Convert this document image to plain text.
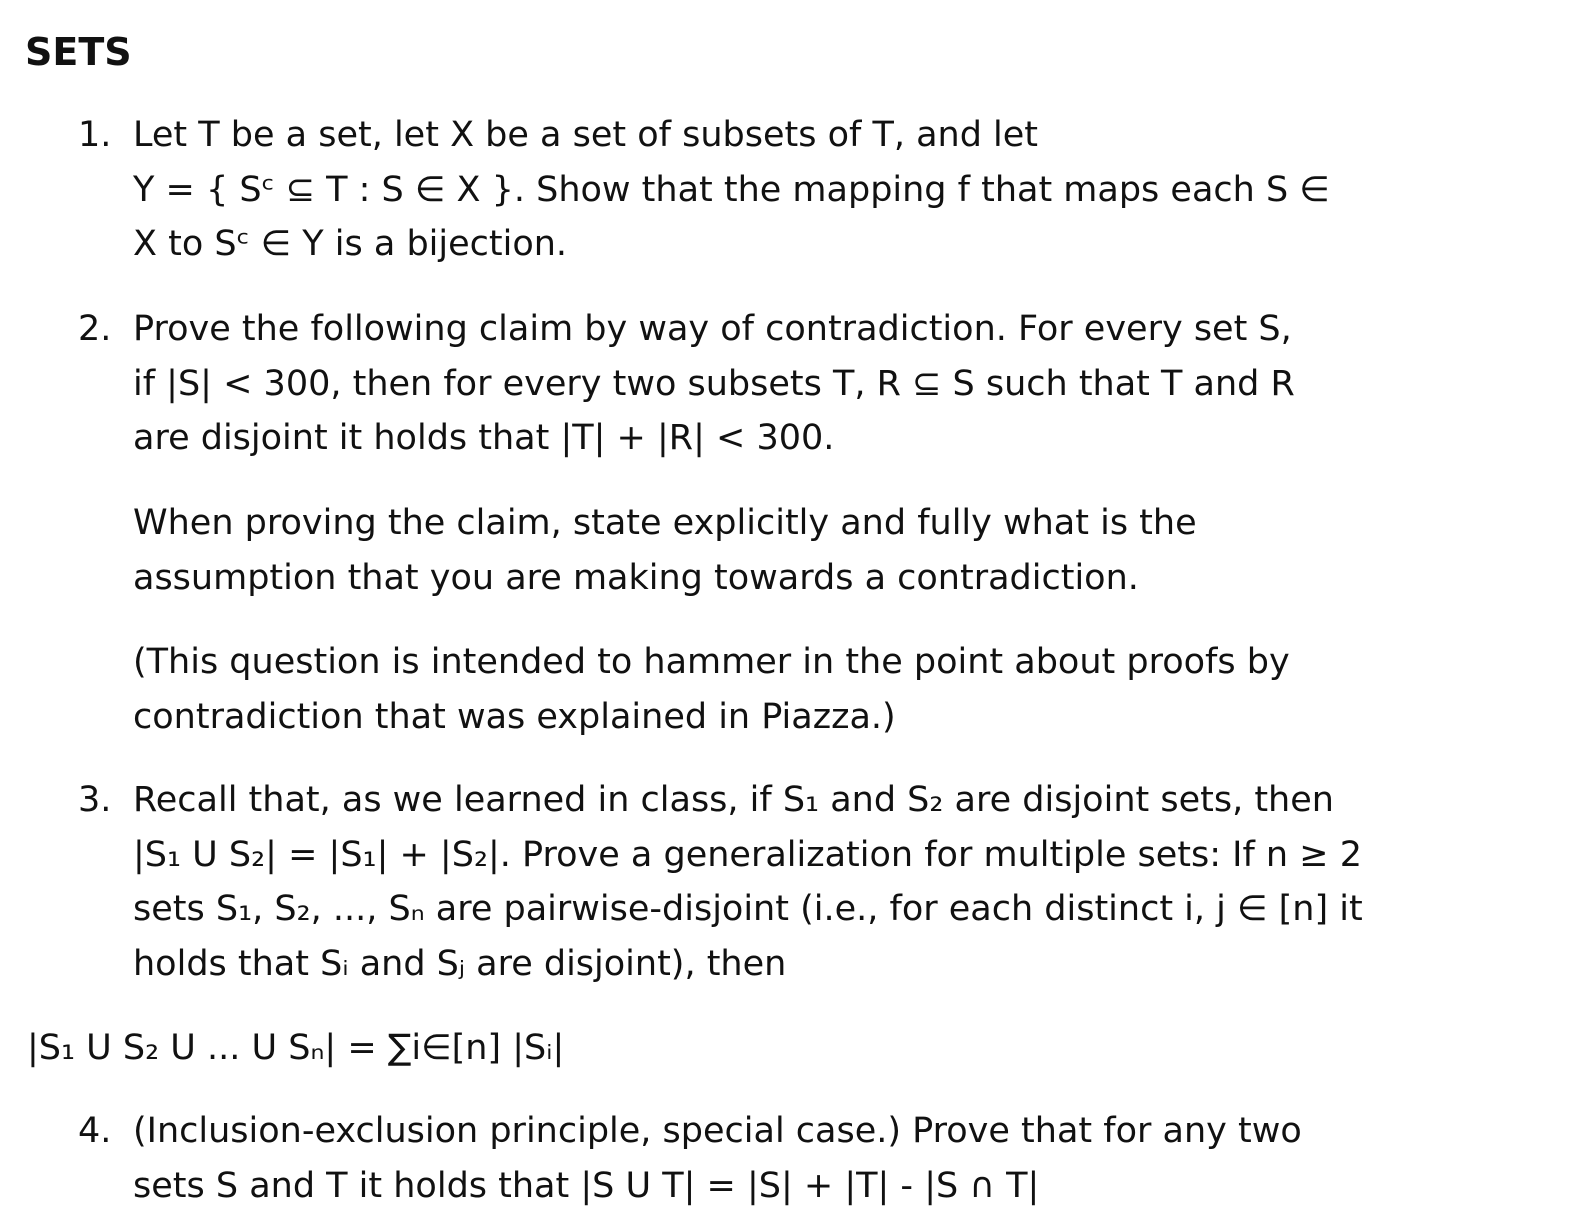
SETS
1. Let T be a set, let X be a set of subsets of T, and let
Y = { Sᶜ ⊆ T : S ∈ X }. Show that the mapping f that maps each S ∈
X to Sᶜ ∈ Y is a bijection.

2. Prove the following claim by way of contradiction. For every set S,
if |S| < 300, then for every two subsets T, R ⊆ S such that T and R
are disjoint it holds that |T| + |R| < 300.

When proving the claim, state explicitly and fully what is the
assumption that you are making towards a contradiction.

(This question is intended to hammer in the point about proofs by
contradiction that was explained in Piazza.)

3. Recall that, as we learned in class, if S₁ and S₂ are disjoint sets, then
|S₁ U S₂| = |S₁| + |S₂|. Prove a generalization for multiple sets: If n ≥ 2
sets S₁, S₂, ..., Sₙ are pairwise-disjoint (i.e., for each distinct i, j ∈ [n] it
holds that Sᵢ and Sⱼ are disjoint), then

|S₁ U S₂ U ... U Sₙ| = ∑i∈[n] |Sᵢ|
4. (Inclusion-exclusion principle, special case.) Prove that for any two
sets S and T it holds that |S U T| = |S| + |T| - |S ∩ T|
